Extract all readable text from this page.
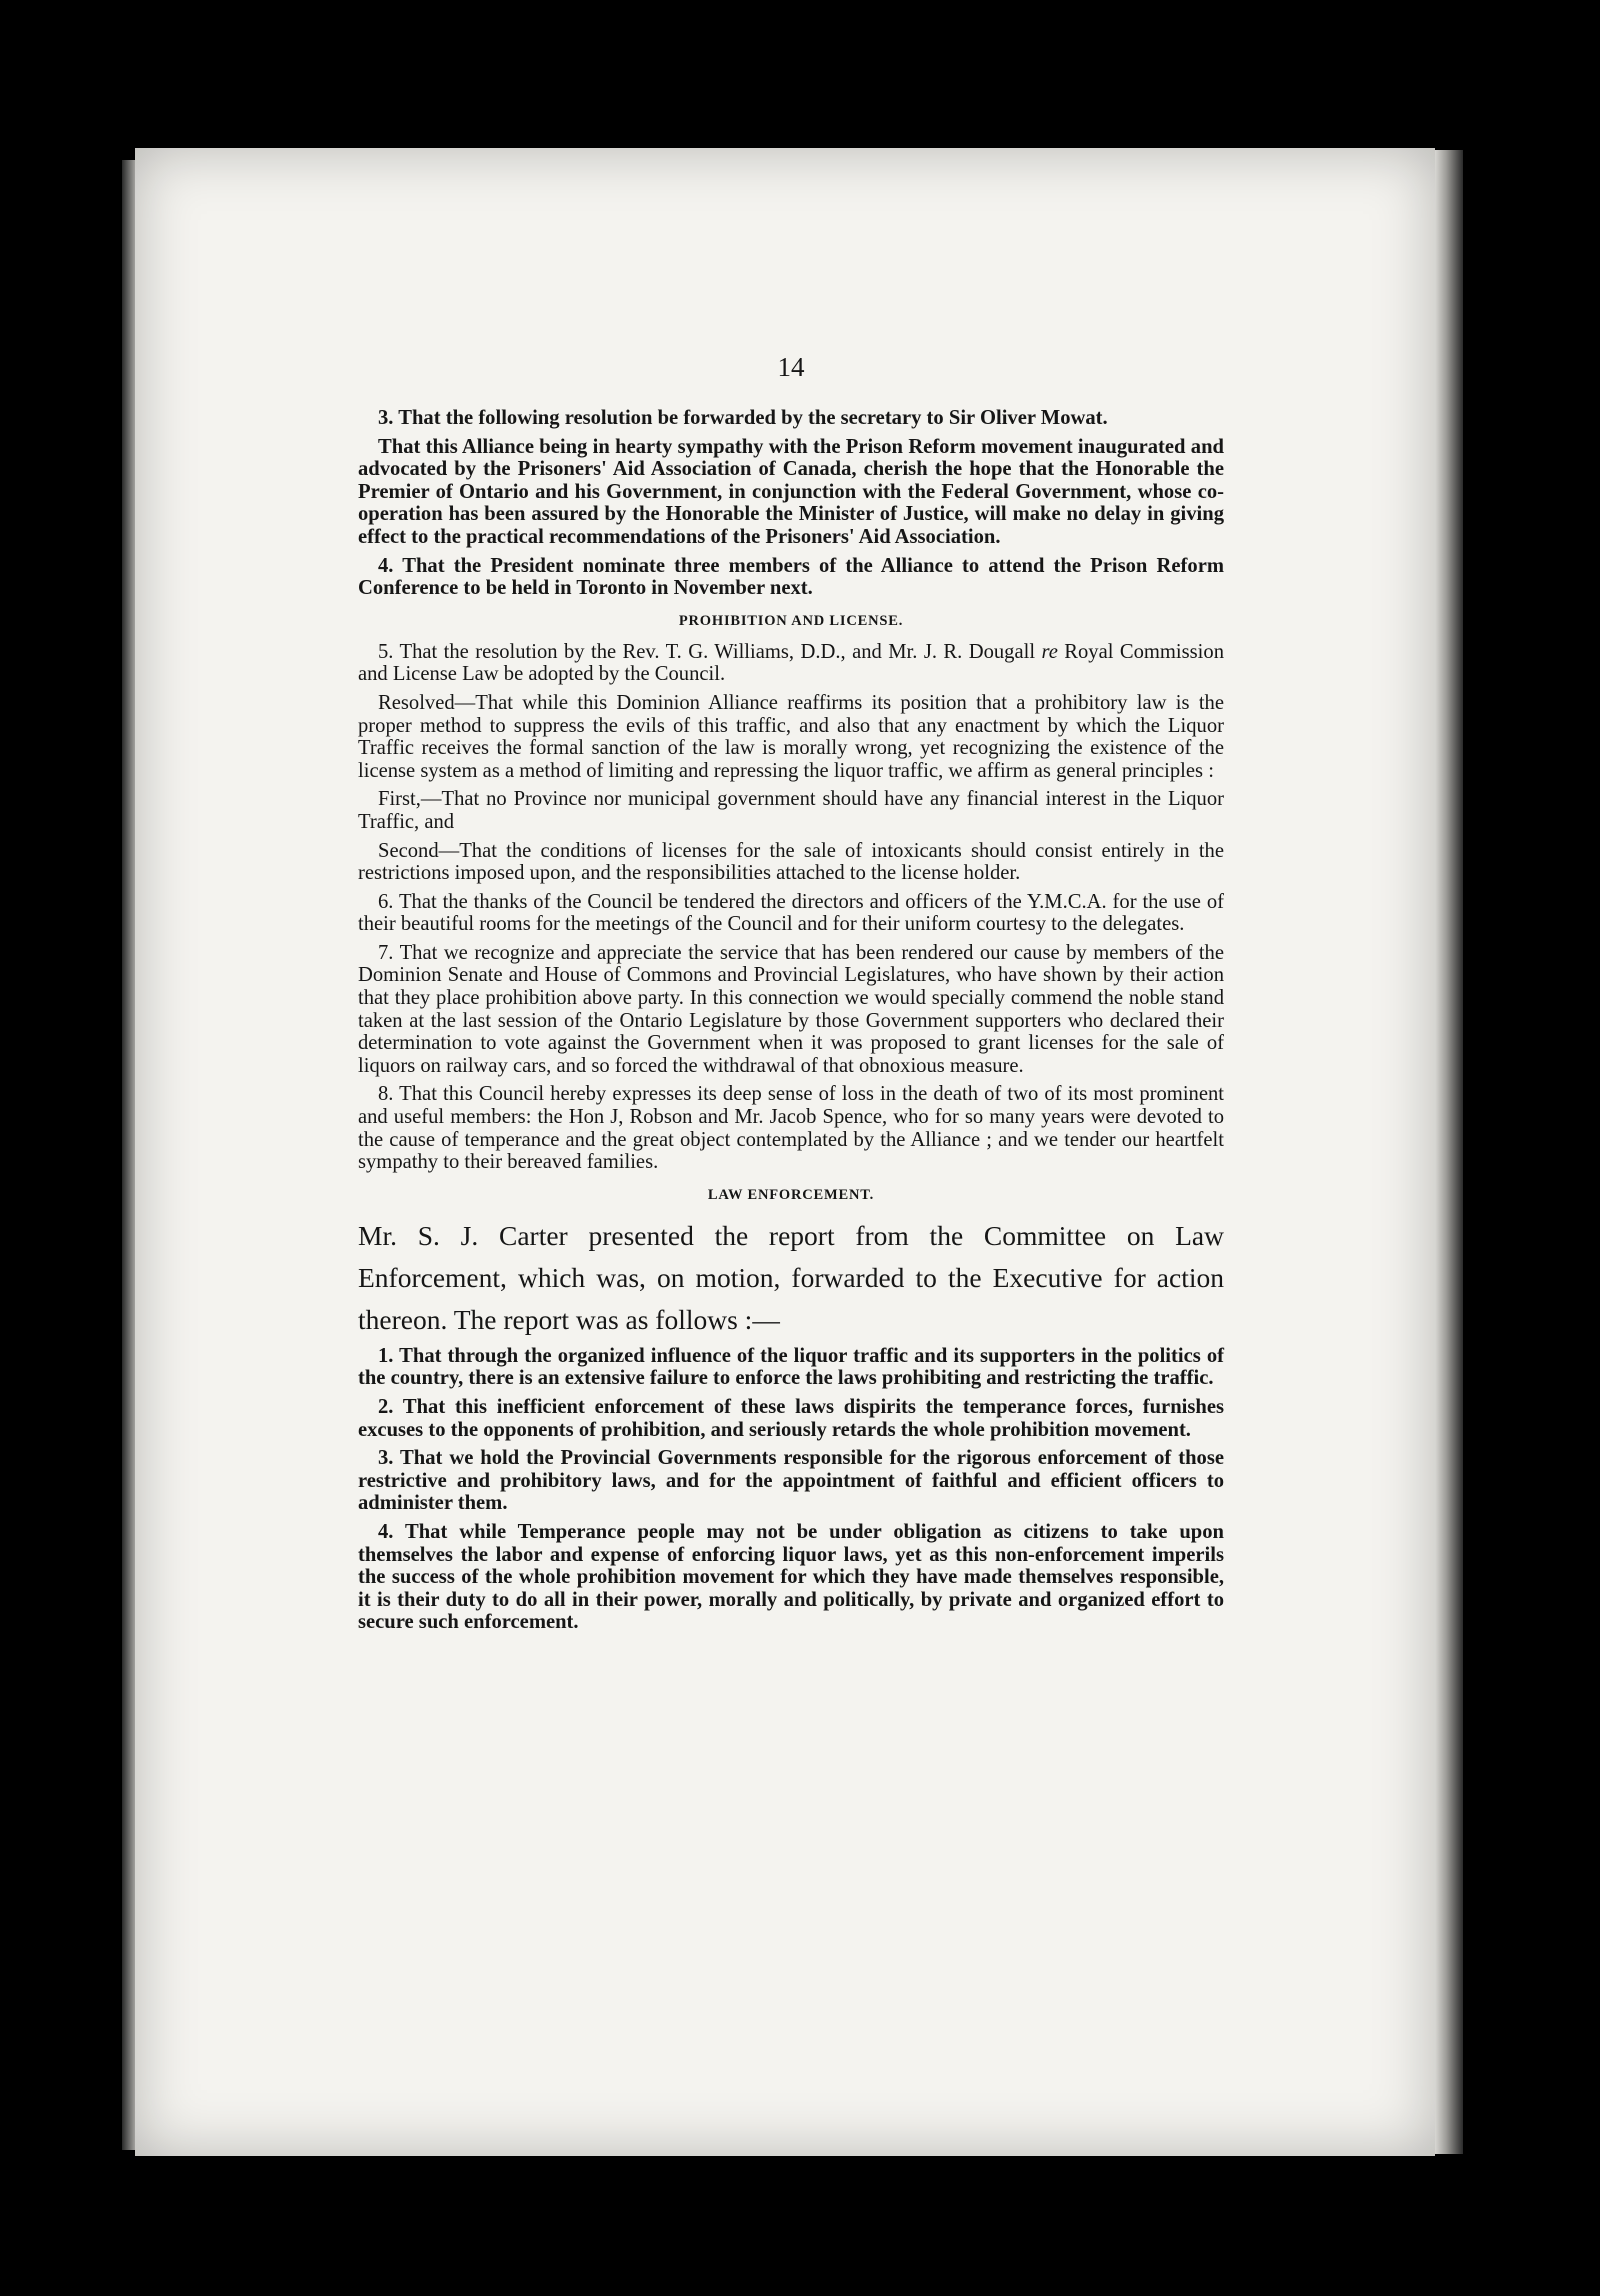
14

3. That the following resolution be forwarded by the secretary to Sir Oliver Mowat.

That this Alliance being in hearty sympathy with the Prison Reform movement inaugurated and advocated by the Prisoners' Aid Association of Canada, cherish the hope that the Honorable the Premier of Ontario and his Government, in conjunction with the Federal Government, whose co-operation has been assured by the Honorable the Minister of Justice, will make no delay in giving effect to the practical recommendations of the Prisoners' Aid Association.

4. That the President nominate three members of the Alliance to attend the Prison Reform Conference to be held in Toronto in November next.

PROHIBITION AND LICENSE.

5. That the resolution by the Rev. T. G. Williams, D.D., and Mr. J. R. Dougall re Royal Commission and License Law be adopted by the Council.

Resolved—That while this Dominion Alliance reaffirms its position that a prohibitory law is the proper method to suppress the evils of this traffic, and also that any enactment by which the Liquor Traffic receives the formal sanction of the law is morally wrong, yet recognizing the existence of the license system as a method of limiting and repressing the liquor traffic, we affirm as general principles :

First,—That no Province nor municipal government should have any financial interest in the Liquor Traffic, and

Second—That the conditions of licenses for the sale of intoxicants should consist entirely in the restrictions imposed upon, and the responsibilities attached to the license holder.

6. That the thanks of the Council be tendered the directors and officers of the Y.M.C.A. for the use of their beautiful rooms for the meetings of the Council and for their uniform courtesy to the delegates.

7. That we recognize and appreciate the service that has been rendered our cause by members of the Dominion Senate and House of Commons and Provincial Legislatures, who have shown by their action that they place prohibition above party. In this connection we would specially commend the noble stand taken at the last session of the Ontario Legislature by those Government supporters who declared their determination to vote against the Government when it was proposed to grant licenses for the sale of liquors on railway cars, and so forced the withdrawal of that obnoxious measure.

8. That this Council hereby expresses its deep sense of loss in the death of two of its most prominent and useful members: the Hon J, Robson and Mr. Jacob Spence, who for so many years were devoted to the cause of temperance and the great object contemplated by the Alliance ; and we tender our heartfelt sympathy to their bereaved families.

LAW ENFORCEMENT.

Mr. S. J. Carter presented the report from the Committee on Law Enforcement, which was, on motion, forwarded to the Executive for action thereon. The report was as follows :—

1. That through the organized influence of the liquor traffic and its supporters in the politics of the country, there is an extensive failure to enforce the laws prohibiting and restricting the traffic.

2. That this inefficient enforcement of these laws dispirits the temperance forces, furnishes excuses to the opponents of prohibition, and seriously retards the whole prohibition movement.

3. That we hold the Provincial Governments responsible for the rigorous enforcement of those restrictive and prohibitory laws, and for the appointment of faithful and efficient officers to administer them.

4. That while Temperance people may not be under obligation as citizens to take upon themselves the labor and expense of enforcing liquor laws, yet as this non-enforcement imperils the success of the whole prohibition movement for which they have made themselves responsible, it is their duty to do all in their power, morally and politically, by private and organized effort to secure such enforcement.
